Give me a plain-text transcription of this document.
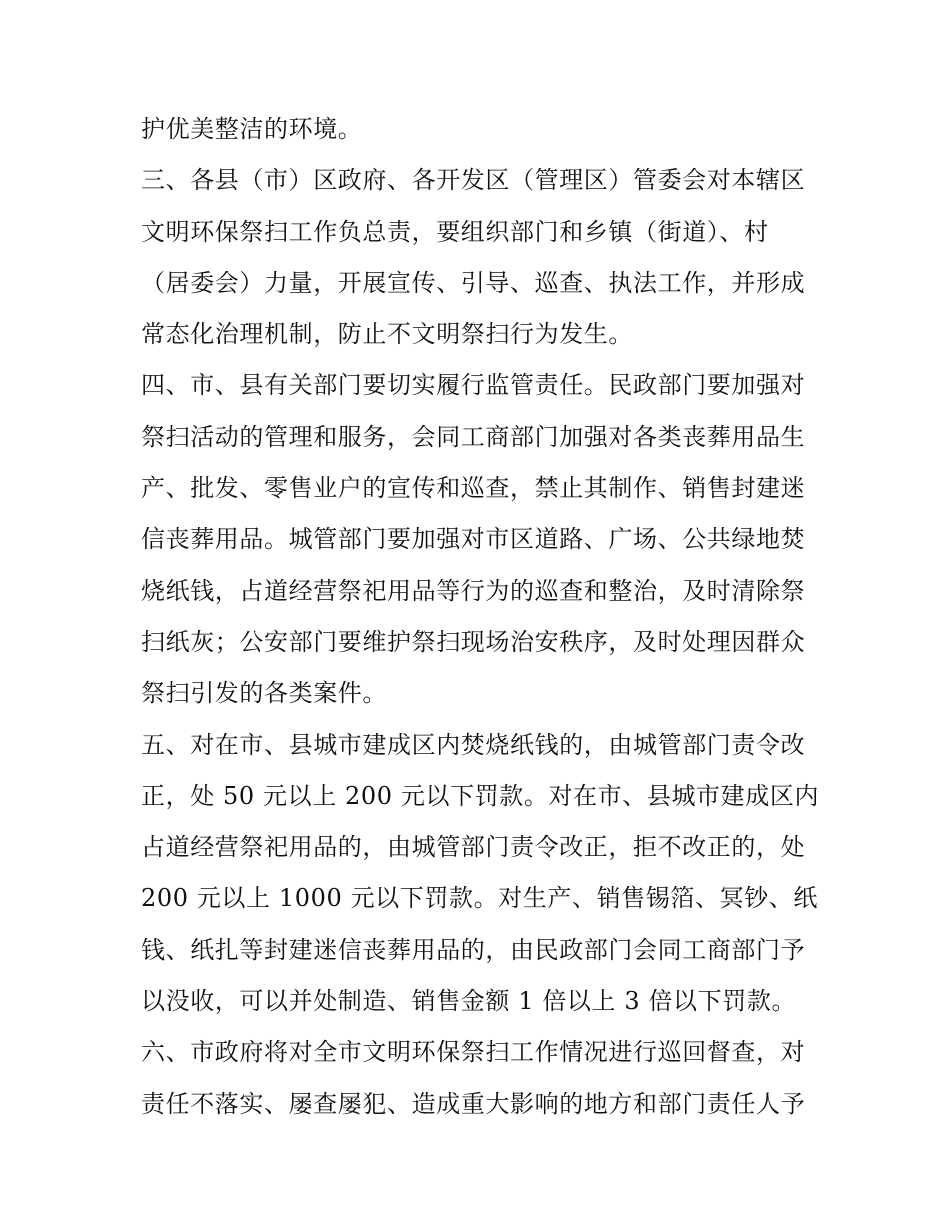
护优美整洁的环境。
三、各县（市）区政府、各开发区（管理区）管委会对本辖区
文明环保祭扫工作负总责，要组织部门和乡镇（街道）、村
（居委会）力量，开展宣传、引导、巡查、执法工作，并形成
常态化治理机制，防止不文明祭扫行为发生。
四、市、县有关部门要切实履行监管责任。民政部门要加强对
祭扫活动的管理和服务，会同工商部门加强对各类丧葬用品生
产、批发、零售业户的宣传和巡查，禁止其制作、销售封建迷
信丧葬用品。城管部门要加强对市区道路、广场、公共绿地焚
烧纸钱，占道经营祭祀用品等行为的巡查和整治，及时清除祭
扫纸灰；公安部门要维护祭扫现场治安秩序，及时处理因群众
祭扫引发的各类案件。
五、对在市、县城市建成区内焚烧纸钱的，由城管部门责令改
正，处 50 元以上 200 元以下罚款。对在市、县城市建成区内
占道经营祭祀用品的，由城管部门责令改正，拒不改正的，处
200 元以上 1000 元以下罚款。对生产、销售锡箔、冥钞、纸
钱、纸扎等封建迷信丧葬用品的，由民政部门会同工商部门予
以没收，可以并处制造、销售金额 1 倍以上 3 倍以下罚款。
六、市政府将对全市文明环保祭扫工作情况进行巡回督查，对
责任不落实、屡查屡犯、造成重大影响的地方和部门责任人予
